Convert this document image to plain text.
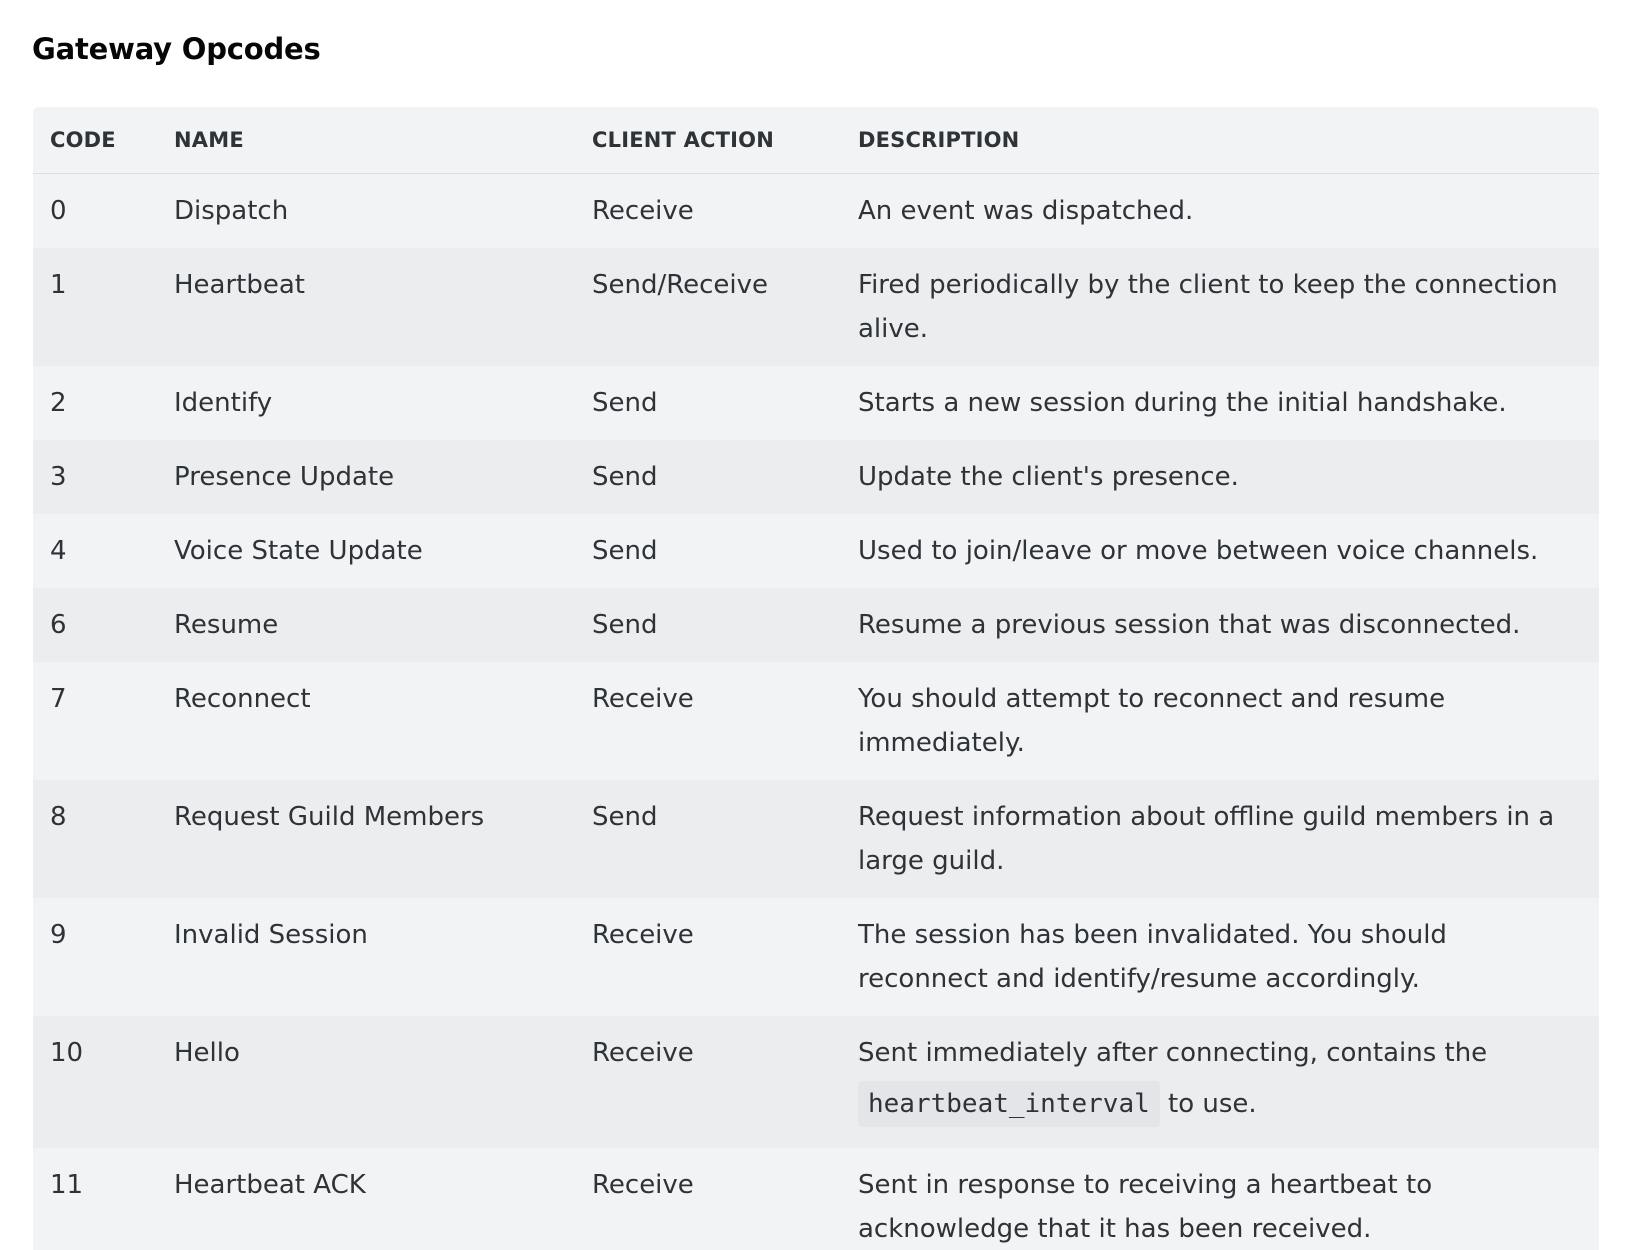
Gateway Opcodes
CODE	NAME	CLIENT ACTION	DESCRIPTION
0	Dispatch	Receive	An event was dispatched.
1	Heartbeat	Send/Receive	Fired periodically by the client to keep the connection alive.
2	Identify	Send	Starts a new session during the initial handshake.
3	Presence Update	Send	Update the client's presence.
4	Voice State Update	Send	Used to join/leave or move between voice channels.
6	Resume	Send	Resume a previous session that was disconnected.
7	Reconnect	Receive	You should attempt to reconnect and resume immediately.
8	Request Guild Members	Send	Request information about offline guild members in a large guild.
9	Invalid Session	Receive	The session has been invalidated. You should reconnect and identify/resume accordingly.
10	Hello	Receive	Sent immediately after connecting, contains the heartbeat_interval to use.
11	Heartbeat ACK	Receive	Sent in response to receiving a heartbeat to acknowledge that it has been received.
